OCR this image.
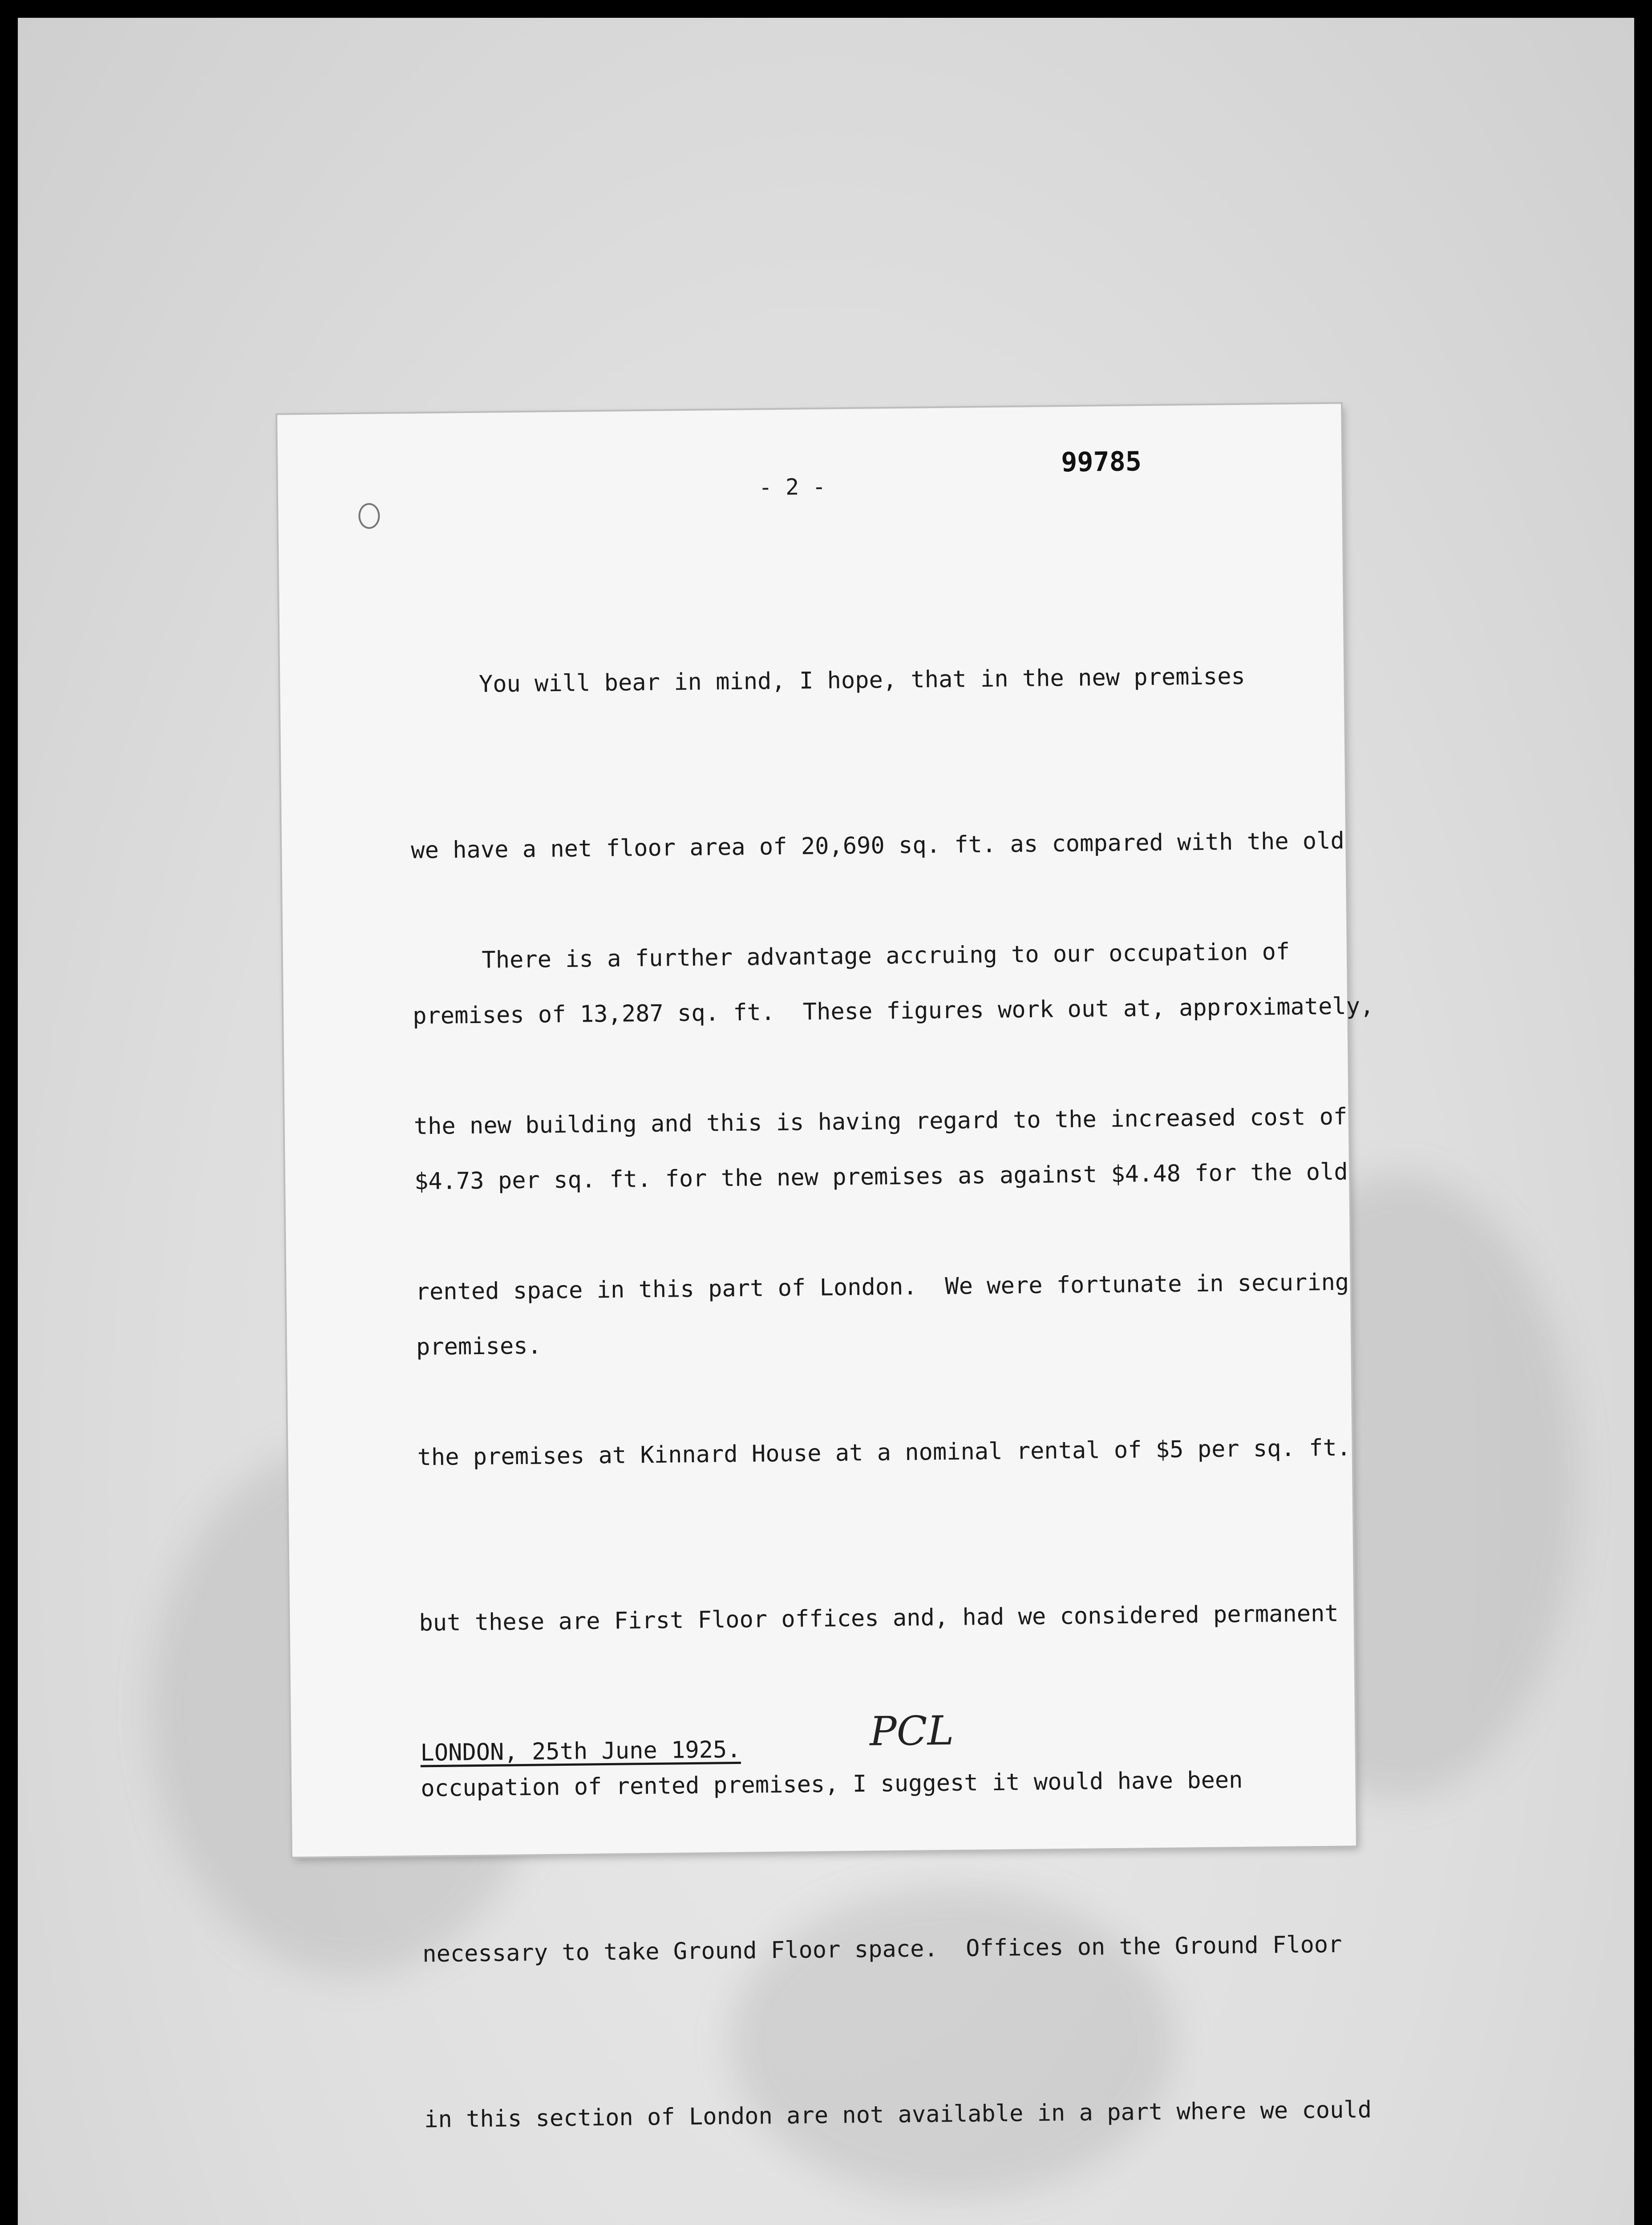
- 2 -
99785

You will bear in mind, I hope, that in the new premises

we have a net floor area of 20,690 sq. ft. as compared with the old

premises of 13,287 sq. ft.  These figures work out at, approximately,

$4.73 per sq. ft. for the new premises as against $4.48 for the old

premises.

There is a further advantage accruing to our occupation of

the new building and this is having regard to the increased cost of

rented space in this part of London.  We were fortunate in securing

the premises at Kinnard House at a nominal rental of $5 per sq. ft.

but these are First Floor offices and, had we considered permanent

occupation of rented premises, I suggest it would have been

necessary to take Ground Floor space.  Offices on the Ground Floor

in this section of London are not available in a part where we could

LONDON, 25th June 1925.	PCL
